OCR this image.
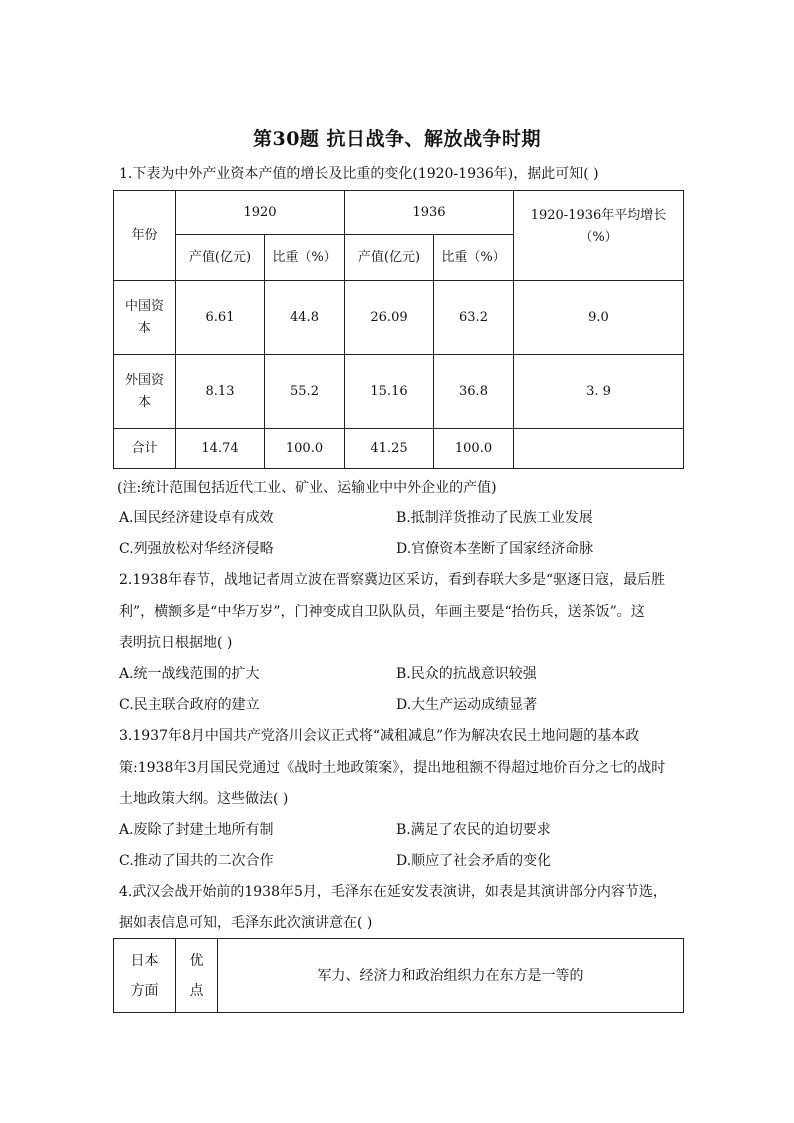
第30题 抗日战争、解放战争时期
1.下表为中外产业资本产值的增长及比重的变化(1920-1936年)，据此可知( )
年份	1920		1936		1920-1936年平均增长（%）
	产值(亿元)	比重（%）	产值(亿元)	比重（%）	
中国资本	6.61	44.8	26.09	63.2	9.0
外国资本	8.13	55.2	15.16	36.8	3. 9
合计	14.74	100.0	41.25	100.0	
(注:统计范围包括近代工业、矿业、运输业中中外企业的产值)
A.国民经济建设卓有成效	B.抵制洋货推动了民族工业发展
C.列强放松对华经济侵略	D.官僚资本垄断了国家经济命脉
2.1938年春节，战地记者周立波在晋察冀边区采访，看到春联大多是“驱逐日寇，最后胜
利”，横额多是“中华万岁”，门神变成自卫队队员，年画主要是“抬伤兵，送茶饭”。这
表明抗日根据地( )
A.统一战线范围的扩大	B.民众的抗战意识较强
C.民主联合政府的建立	D.大生产运动成绩显著
3.1937年8月中国共产党洛川会议正式将“减租减息”作为解决农民土地问题的基本政
策:1938年3月国民党通过《战时土地政策案》，提出地租额不得超过地价百分之七的战时
土地政策大纲。这些做法( )
A.废除了封建土地所有制	B.满足了农民的迫切要求
C.推动了国共的二次合作	D.顺应了社会矛盾的变化
4.武汉会战开始前的1938年5月，毛泽东在延安发表演讲，如表是其演讲部分内容节选，
据如表信息可知，毛泽东此次演讲意在( )
日本方面	优点	军力、经济力和政治组织力在东方是一等的
